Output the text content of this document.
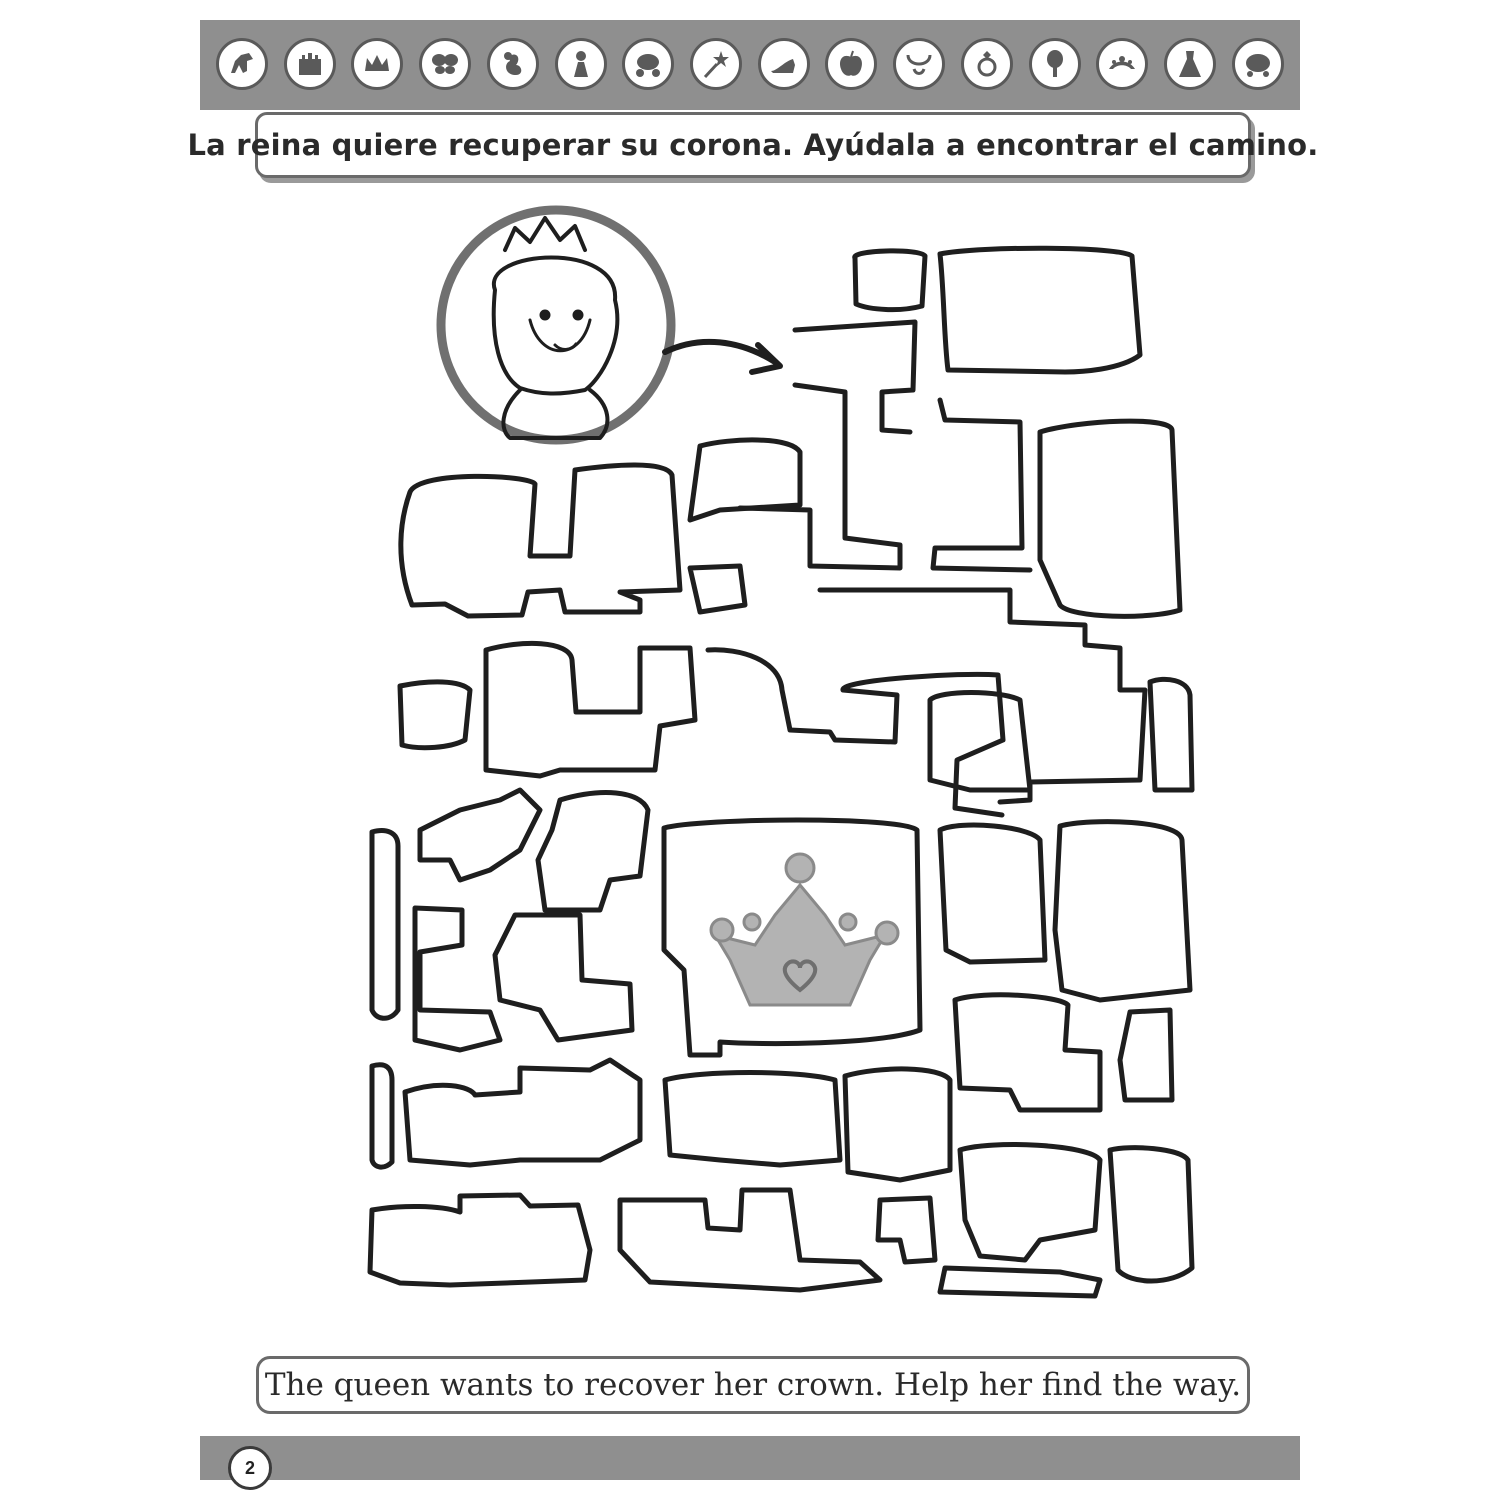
La reina quiere recuperar su corona. Ayúdala a encontrar el camino.
The queen wants to recover her crown. Help her find the way.
2
